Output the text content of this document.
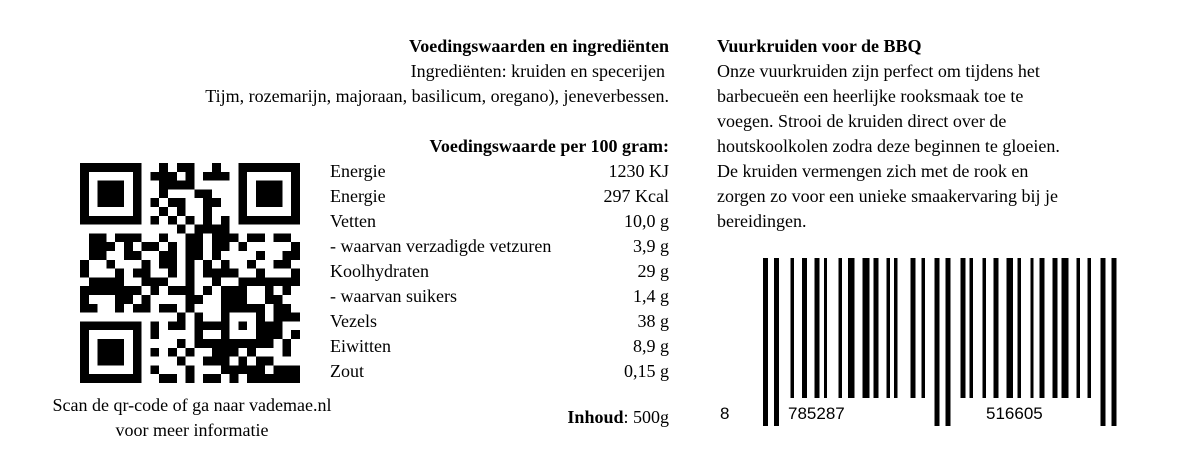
Voedingswaarden en ingrediënten
Ingrediënten: kruiden en specerijen
Tijm, rozemarijn, majoraan, basilicum, oregano), jeneverbessen.
Voedingswaarde per 100 gram:
Energie	1230 KJ
Energie	297 Kcal
Vetten	10,0 g
- waarvan verzadigde vetzuren	3,9 g
Koolhydraten	29 g
- waarvan suikers	1,4 g
Vezels	38 g
Eiwitten	8,9 g
Zout	0,15 g
Inhoud: 500g
Scan de qr-code of ga naar vademae.nl
voor meer informatie
Vuurkruiden voor de BBQ
Onze vuurkruiden zijn perfect om tijdens het
barbecueën een heerlijke rooksmaak toe te
voegen. Strooi de kruiden direct over de
houtskoolkolen zodra deze beginnen te gloeien.
De kruiden vermengen zich met de rook en
zorgen zo voor een unieke smaakervaring bij je
bereidingen.
8	785287	516605
